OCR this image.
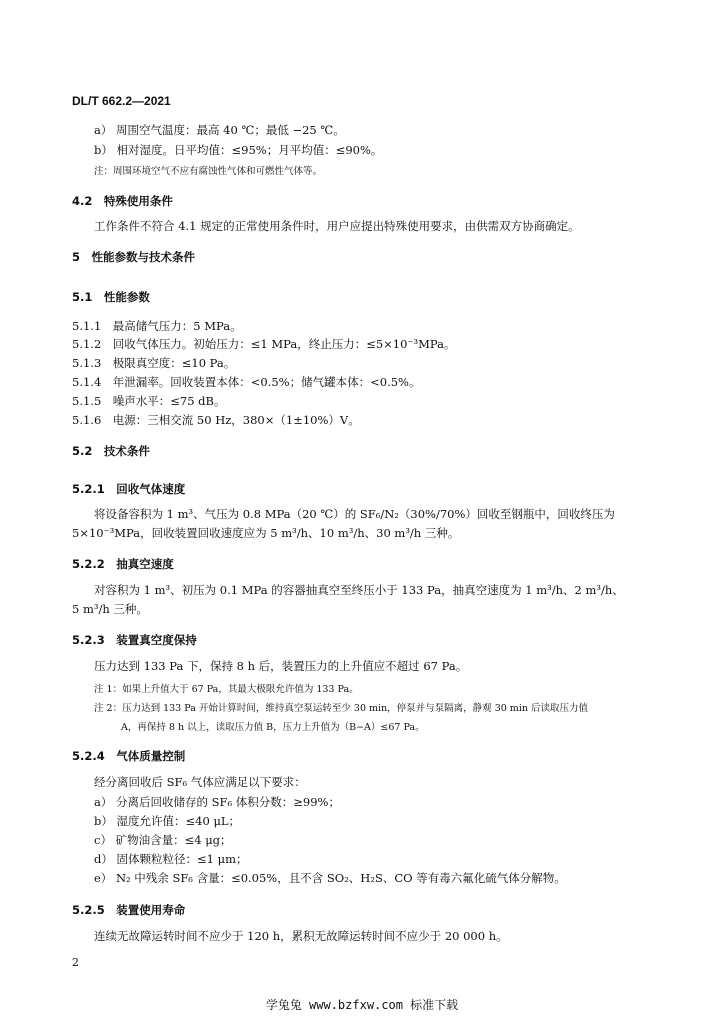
DL/T 662.2—2021
a） 周围空气温度：最高 40 ℃；最低 −25 ℃。
b） 相对湿度。日平均值：≤95%；月平均值：≤90%。
注：周围环境空气不应有腐蚀性气体和可燃性气体等。
4.2　特殊使用条件
工作条件不符合 4.1 规定的正常使用条件时，用户应提出特殊使用要求，由供需双方协商确定。
5　性能参数与技术条件
5.1　性能参数
5.1.1　最高储气压力：5 MPa。
5.1.2　回收气体压力。初始压力：≤1 MPa，终止压力：≤5×10⁻³MPa。
5.1.3　极限真空度：≤10 Pa。
5.1.4　年泄漏率。回收装置本体：<0.5%；储气罐本体：<0.5%。
5.1.5　噪声水平：≤75 dB。
5.1.6　电源：三相交流 50 Hz，380×（1±10%）V。
5.2　技术条件
5.2.1　回收气体速度
将设备容积为 1 m³、气压为 0.8 MPa（20 ℃）的 SF₆/N₂（30%/70%）回收至钢瓶中，回收终压为
5×10⁻³MPa，回收装置回收速度应为 5 m³/h、10 m³/h、30 m³/h 三种。
5.2.2　抽真空速度
对容积为 1 m³、初压为 0.1 MPa 的容器抽真空至终压小于 133 Pa，抽真空速度为 1 m³/h、2 m³/h、
5 m³/h 三种。
5.2.3　装置真空度保持
压力达到 133 Pa 下，保持 8 h 后，装置压力的上升值应不超过 67 Pa。
注 1：如果上升值大于 67 Pa，其最大极限允许值为 133 Pa。
注 2：压力达到 133 Pa 开始计算时间，维持真空泵运转至少 30 min，停泵并与泵隔离，静观 30 min 后读取压力值
A，再保持 8 h 以上，读取压力值 B，压力上升值为（B−A）≤67 Pa。
5.2.4　气体质量控制
经分离回收后 SF₆ 气体应满足以下要求：
a） 分离后回收储存的 SF₆ 体积分数：≥99%；
b） 湿度允许值：≤40 μL；
c） 矿物油含量：≤4 μg；
d） 固体颗粒粒径：≤1 μm；
e） N₂ 中残余 SF₆ 含量：≤0.05%，且不含 SO₂、H₂S、CO 等有毒六氟化硫气体分解物。
5.2.5　装置使用寿命
连续无故障运转时间不应少于 120 h，累积无故障运转时间不应少于 20 000 h。
2
学兔兔 www.bzfxw.com 标准下载
